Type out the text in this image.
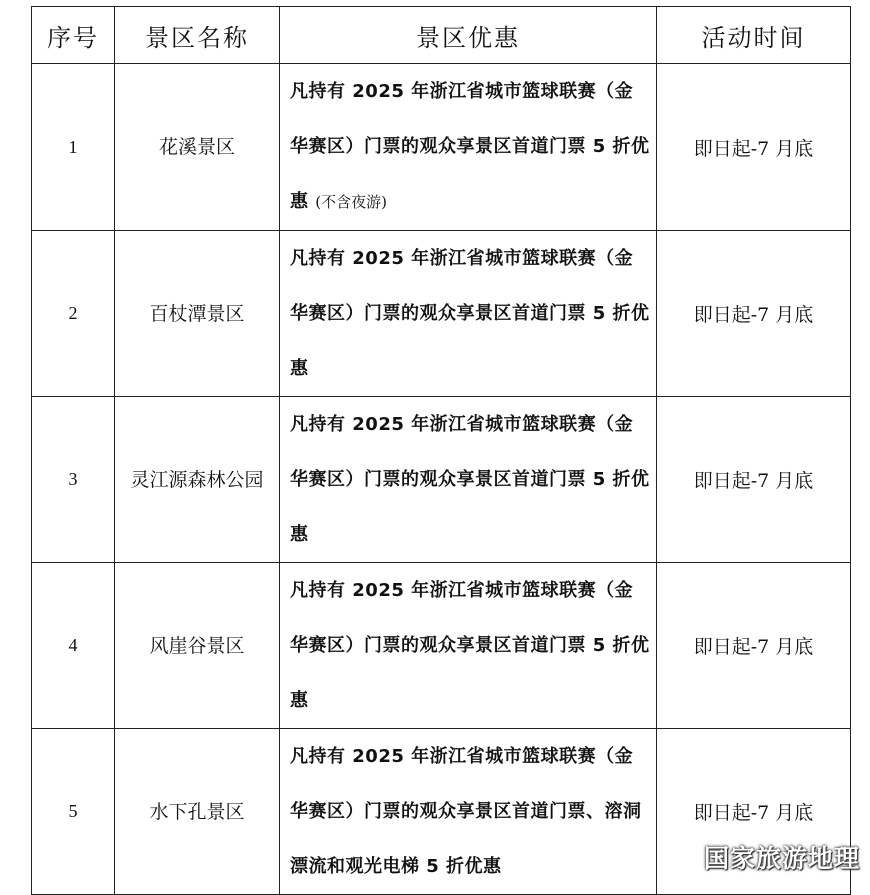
序号	景区名称	景区优惠	活动时间
1	花溪景区	凡持有 2025 年浙江省城市篮球联赛（金华赛区）门票的观众享景区首道门票 5 折优惠 (不含夜游)	即日起-7 月底
2	百杖潭景区	凡持有 2025 年浙江省城市篮球联赛（金华赛区）门票的观众享景区首道门票 5 折优惠	即日起-7 月底
3	灵江源森林公园	凡持有 2025 年浙江省城市篮球联赛（金华赛区）门票的观众享景区首道门票 5 折优惠	即日起-7 月底
4	风崖谷景区	凡持有 2025 年浙江省城市篮球联赛（金华赛区）门票的观众享景区首道门票 5 折优惠	即日起-7 月底
5	水下孔景区	凡持有 2025 年浙江省城市篮球联赛（金华赛区）门票的观众享景区首道门票、溶洞漂流和观光电梯 5 折优惠	即日起-7 月底
国家旅游地理
